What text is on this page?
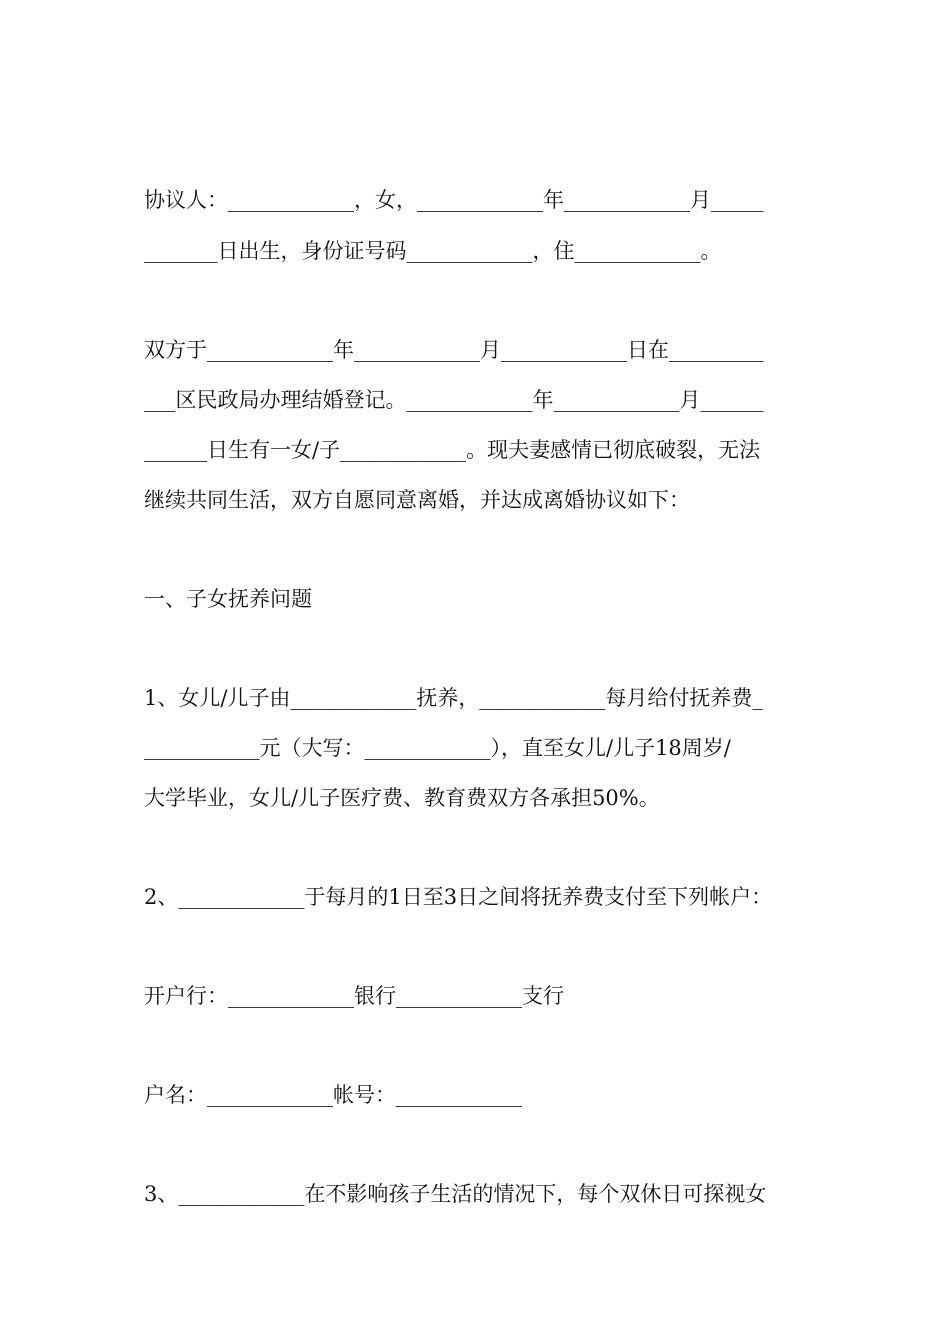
协议人：____________，女，____________年____________月_____
_______日出生，身份证号码____________，住____________。
双方于____________年____________月____________日在_________
___区民政局办理结婚登记。____________年____________月______
______日生有一女/子____________。现夫妻感情已彻底破裂，无法
继续共同生活，双方自愿同意离婚，并达成离婚协议如下：
一、子女抚养问题
1、女儿/儿子由____________抚养，____________每月给付抚养费_
___________元（大写：____________），直至女儿/儿子18周岁/
大学毕业，女儿/儿子医疗费、教育费双方各承担50%。
2、____________于每月的1日至3日之间将抚养费支付至下列帐户：
开户行：____________银行____________支行
户名：____________帐号：____________
3、____________在不影响孩子生活的情况下，每个双休日可探视女
